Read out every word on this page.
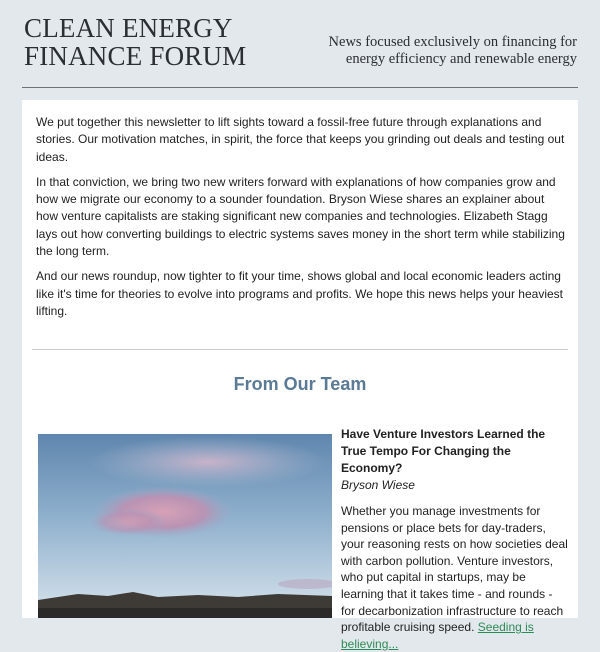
CLEAN ENERGY
FINANCE FORUM	News focused exclusively on financing for
energy efficiency and renewable energy

We put together this newsletter to lift sights toward a fossil-free future through explanations and stories. Our motivation matches, in spirit, the force that keeps you grinding out deals and testing out ideas.

In that conviction, we bring two new writers forward with explanations of how companies grow and how we migrate our economy to a sounder foundation. Bryson Wiese shares an explainer about how venture capitalists are staking significant new companies and technologies. Elizabeth Stagg lays out how converting buildings to electric systems saves money in the short term while stabilizing the long term.

And our news roundup, now tighter to fit your time, shows global and local economic leaders acting like it's time for theories to evolve into programs and profits. We hope this news helps your heaviest lifting.

From Our Team

Have Venture Investors Learned the True Tempo For Changing the Economy?

Bryson Wiese

Whether you manage investments for pensions or place bets for day-traders, your reasoning rests on how societies deal with carbon pollution. Venture investors, who put capital in startups, may be learning that it takes time - and rounds - for decarbonization infrastructure to reach profitable cruising speed. Seeding is believing...
